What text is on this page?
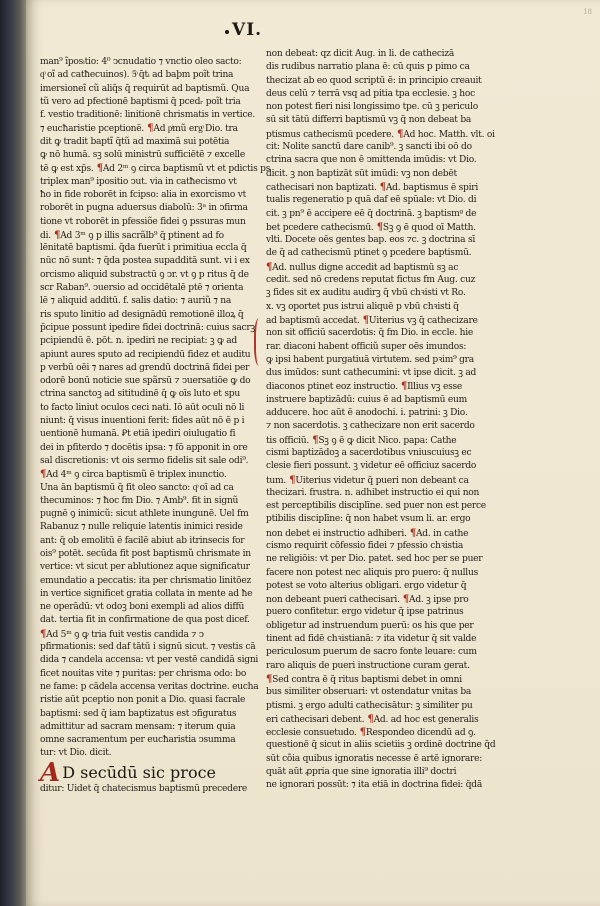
VI.
18
man⁹ ĩposᵢtio: 4⁰ ↄcnudatio ⁊ vnctio oleo sacto:
qͦ oĩ ad catħecuinos). 5ͦ q̄tᵢ ad baþm poĩt trina
imersioneĩ cũ aliq̄s q̄ requirūt ad baptismũ. Qua
tũ vero ad pfectionē baptismi q̄ pcedᵣ poĩt tria
f. vestio traditionē: linitionē chrismatis in vertice.
⁊ eucħaristie pceptionē. ¶Ad pͥmũ ergͦ Dio. tra
dit ꝙ tradit baptĩ q̄tũ ad maximā sui potētia
ꝙ nō humā. sꝫ solū ministrū sufficiētē ⁊ excelle
tē ꝙ est xp̄s. ¶Ad 2ᵐ ꝯ circa baptismũ vt et pdictis ps
triplex man⁹ ipositio ↄut. via in catħecismo vt
ħo in fide roborēt in fcipso: alia in exorcismo vt
roborēt in pugna aduersus diabolū: 3ᵃ in ↄfirma
tione vt roborēt in pfessiõe fidei ꝯ pssuras mun
di. ¶Ad 3ᵐ ꝯ p illis sacrãlb⁹ q̄ ptinent ad fo
lēnitatē baptismi. q̄da fuerūt i primitiua eccla q̄
nūc nō sunt: ⁊ q̄da postea supadditā sunt. vi i ex
orcismo aliquid substractū ꝯ ↄr. vt ꝯ p ritus q̄ de
scr Raban⁹. ↄuersio ad occidētalē ptē ⁊ orienta
lē ⁊ aliquid additū. f. salis datio: ⁊ auriũ ⁊ na
ris sputo linitio ad designādū remotionē illoꝝ q̄
p̄cipue possunt ipedire fidei doctrinā: cuius sacrꝫ
pcipiendū ē. pōt. n. ipediri ne recipiat: ꝫ ꝙ ad
apiunt aures sputo ad recipiendū fidez et auditu
p verbū oēi ⁊ nares ad grendū doctrinā fidei per
odorē bonū noticie sue spãrsū ⁊ ↄuersatiōe ꝙ do
ctrina sanctoꝫ ad sititudinē q̄ ꝙ oīs luto et spu
to facto liniut oculos ceci nati. Iō aūt oculi nō li
niunt: q̄ visus inuentioni ferit: fides aūt nō ē p i
uentionē humanā. Ꝑt etiā ipediri oiulugatio fi
dei in pfiterdo ⁊ docētis ipsa: ⁊ fō apponit in ore
sal discretionis: vt ois sermo fidelis sit sale odi⁹.
¶Ad 4ᵐ ꝯ circa baptismũ ē triplex inunctio.
Una ān baptismū q̄ fit oleo sancto: qͦ oī ad ca
thecuminos: ⁊ ħoc fm Dio. ⁊ Amb⁹. fit in signũ
pugnē ꝯ inimicũ: sicut athlete inungunē. Uel fm
Rabanuz ⁊ nulle reliquie latentis inimici reside
ant: q̄ ob emolitū ē facilē abiut ab itrinsecis for
ois⁹ potēt. secūda fit post baptismũ chrismate in
vertice: vt sicut per ablutionez aque significatur
emundatio a peccatis: ita per chrismatio linitōez
in vertice significet gratia collata in mente ad ħe
ne operādū: vt odoꝫ boni exempli ad alios diffū
dat. tertia fit in confirmatione de qua post dicef.
¶Ad 5ᵐ ꝯ ꝙ tria fuit vestis candida ⁊ ↄ
pfirmationis: sed daf tātū i signū sicut. ⁊ vestis cā
dida ⁊ candela accensa: vt per vestē candidā signi
ficet nouitas vite ⁊ puritas: per chrisma odo: bo
ne fame: p cādela accensa veritas doctrine. eucha
ristie aūt pceptio non ponit a Dio. quasi facrale
baptismi: sed q̄ iam baptizatus est ↄfiguratus
admittitur ad sacram mensam: ⁊ iterum quia
omne sacramentum per eucħaristia ↄsumma
tur: vt Dio. dicit.
A D secūdū sic proce
ditur: Uidet q̄ chatecismus baptismū precedere
non debeat: qz dicit Aug. in li. de cathecizā
dis rudibus narratio plana ē: cū quis p pimo ca
thecizat ab eo quod scriptū ē: in principio creauit
deus celū ⁊ terrā vsq ad pitia tpa ecclesie. ꝫ hoc
non potest fieri nisi longissimo tpe. cū ꝫ periculo
sū sit tātū differri baptismū vꝫ q̄ non debeat ba
ptismus cathecismū pcedere. ¶Ad hoc. Matth. vlt. oi
cit: Nolite sanctū dare canib⁹. ꝫ sancti ibi oō do
ctrina sacra que non ē ↄmittenda imūdis: vt Dio.
dicit. ꝫ non baptizāt sūt imūdi: vꝫ non debēt
cathecisari non baptizati. ¶Ad. baptismus ē spiri
tualis regeneratio p quā daf eē spūale: vt Dio. di
cit. ꝫ pn⁹ ē accipere eē q̄ doctrinā. ꝫ baptismᵍ de
bet pcedere cathecismū. ¶Sꝫ ꝯ ē quod oī Matth.
vlti. Docete oēs gentes bap. eos ⁊c. ꝫ doctrina sī
de q̄ ad cathecismū ptinet ꝯ pcedere baptismū.
¶Ad. nullus digne accedit ad baptismū sꝫ ac
cedit. sed nō credens reputat fictus fm Aug. cuz
ꝫ fides sit ex auditu audirꝫ q̄ vbū chꝛisti vt Ro.
x. vꝫ oportet pus istrui aliquē p vbū chꝛisti q̄
ad baptismū accedat. ¶Uiterius vꝫ q̄ cathecizare
non sit officiū sacerdotis: q̄ fm Dio. in eccle. hie
rar. diaconi habent officiũ super oēs imundos:
ꝙ ipsi habent purgatiuā virtutem. sed pꝛim⁹ gra
dus imūdos: sunt cathecumini: vt ipse dicit. ꝫ ad
diaconos ptinet eoz instructio. ¶Illius vꝫ esse
instruere baptizādū: cuius ē ad baptismū eum
adducere. hoc aūt ē anodochi. i. patrini: ꝫ Dio.
⁊ non sacerdotis. ꝫ cathecizare non erit sacerdo
tis officiū. ¶Sꝫ ꝯ ē ꝙ dicit Nico. papa: Cathe
cismi baptizādoꝫ a sacerdotibus vniuscuiusꝫ ec
clesie fieri possunt. ꝫ videtur eē officiuz sacerdo
tum. ¶Uiterius videtur q̄ pueri non debeant ca
thecizari. frustra. n. adhibet instructio ei qui non
est perceptibilis disciplīne. sed puer non est perce
ptibilis disciplīne: q̄ non habet vsum li. ar. ergo
non debet ei instructio adhiberi. ¶Ad. in cathe
cismo requirit cōfessio fidei ⁊ pfessio chꝛistia
ne religiōis: vt per Dio. patet. sed hoc per se puer
facere non potest nec aliquis pro puero: q̄ nullus
potest se voto alterius obligari. ergo videtur q̄
non debeant pueri cathecisari. ¶Ad. ꝫ ipse pro
puero confitetur. ergo videtur q̄ ipse patrinus
obligetur ad instruendum puerū: os his que per
tinent ad fidē chꝛistianā: ⁊ ita videtur q̄ sit valde
periculosum puerum de sacro fonte leuare: cum
raro aliquis de pueri instructione curam gerat.
¶Sed contra ē q̄ ritus baptismi debet in omni
bus similiter obseruari: vt ostendatur vnitas ba
ptismi. ꝫ ergo adulti cathecisātur: ꝫ similiter pu
eri cathecisari debent. ¶Ad. ad hoc est generalis
ecclesie consuetudo. ¶Respondeo dicendū ad ꝯ.
questionē q̄ sicut in aliis scietiis ꝫ ordinē doctrine q̄d
sūt cõia quibus ignoratis necesse ē artē ignorare:
quāt aūt ꝓpria que sine ignoratia illi⁹ doctri
ne ignorari possūt: ⁊ ita etiā in doctrina fidei: q̄dā
